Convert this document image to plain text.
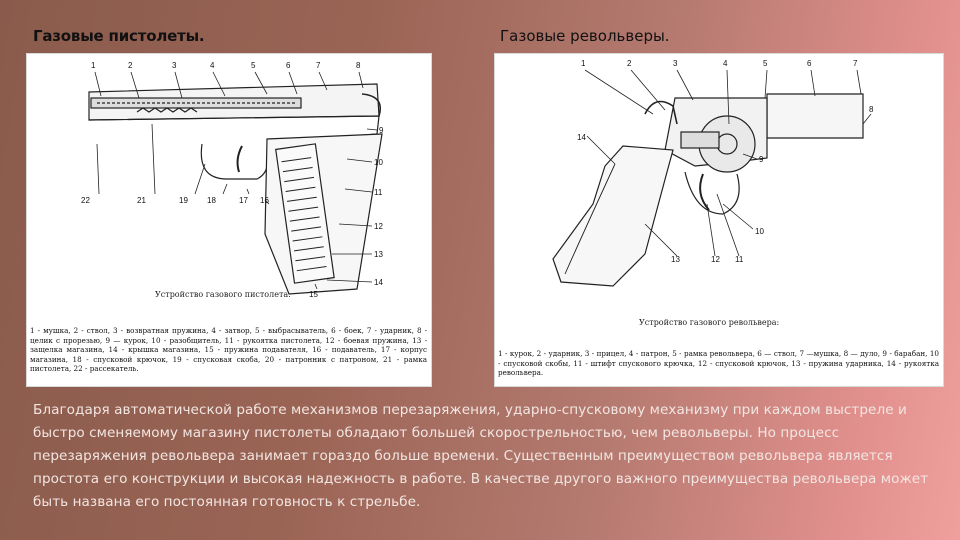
Газовые пистолеты.	Газовые револьверы.
1	2	3	4	5	6	7	8
9
10
11
12
13
14
15
16
17
18
19
21
22
Устройство газового пистолета:
1 - мушка, 2 - ствол, 3 - возвратная пружина, 4 - затвор, 5 - выбрасыватель, 6 - боек, 7 - ударник, 8 - целик с прорезью, 9 — курок, 10 - разобщитель, 11 - рукоятка пистолета, 12 - боевая пружина, 13 - защелка магазина, 14 - крышка магазина, 15 - пружина подавателя, 16 - подаватель, 17 - корпус магазина, 18 - спусковой крючок, 19 - спусковая скоба, 20 - патронник с патроном, 21 - рамка пистолета, 22 - рассекатель.
1	2	3	4	5	6	7
8
9
10
11
12
13
14
Устройство газового револьвера:
1 - курок, 2 - ударник, 3 - прицел, 4 - патрон, 5 - рамка револьвера, 6 — ствол, 7 —мушка, 8 — дуло, 9 - барабан, 10 - спусковой скобы, 11 - штифт спускового крючка, 12 - спусковой крючок, 13 - пружина ударника, 14 - рукоятка револьвера.
Благодаря автоматической работе механизмов перезаряжения, ударно-спусковому механизму при каждом выстреле и быстро сменяемому магазину пистолеты обладают большей скорострельностью, чем револьверы. Но процесс перезаряжения револьвера занимает гораздо больше времени. Существенным преимуществом револьвера является простота его конструкции и высокая надежность в работе. В качестве другого важного преимущества револьвера может быть названа его постоянная готовность к стрельбе.
